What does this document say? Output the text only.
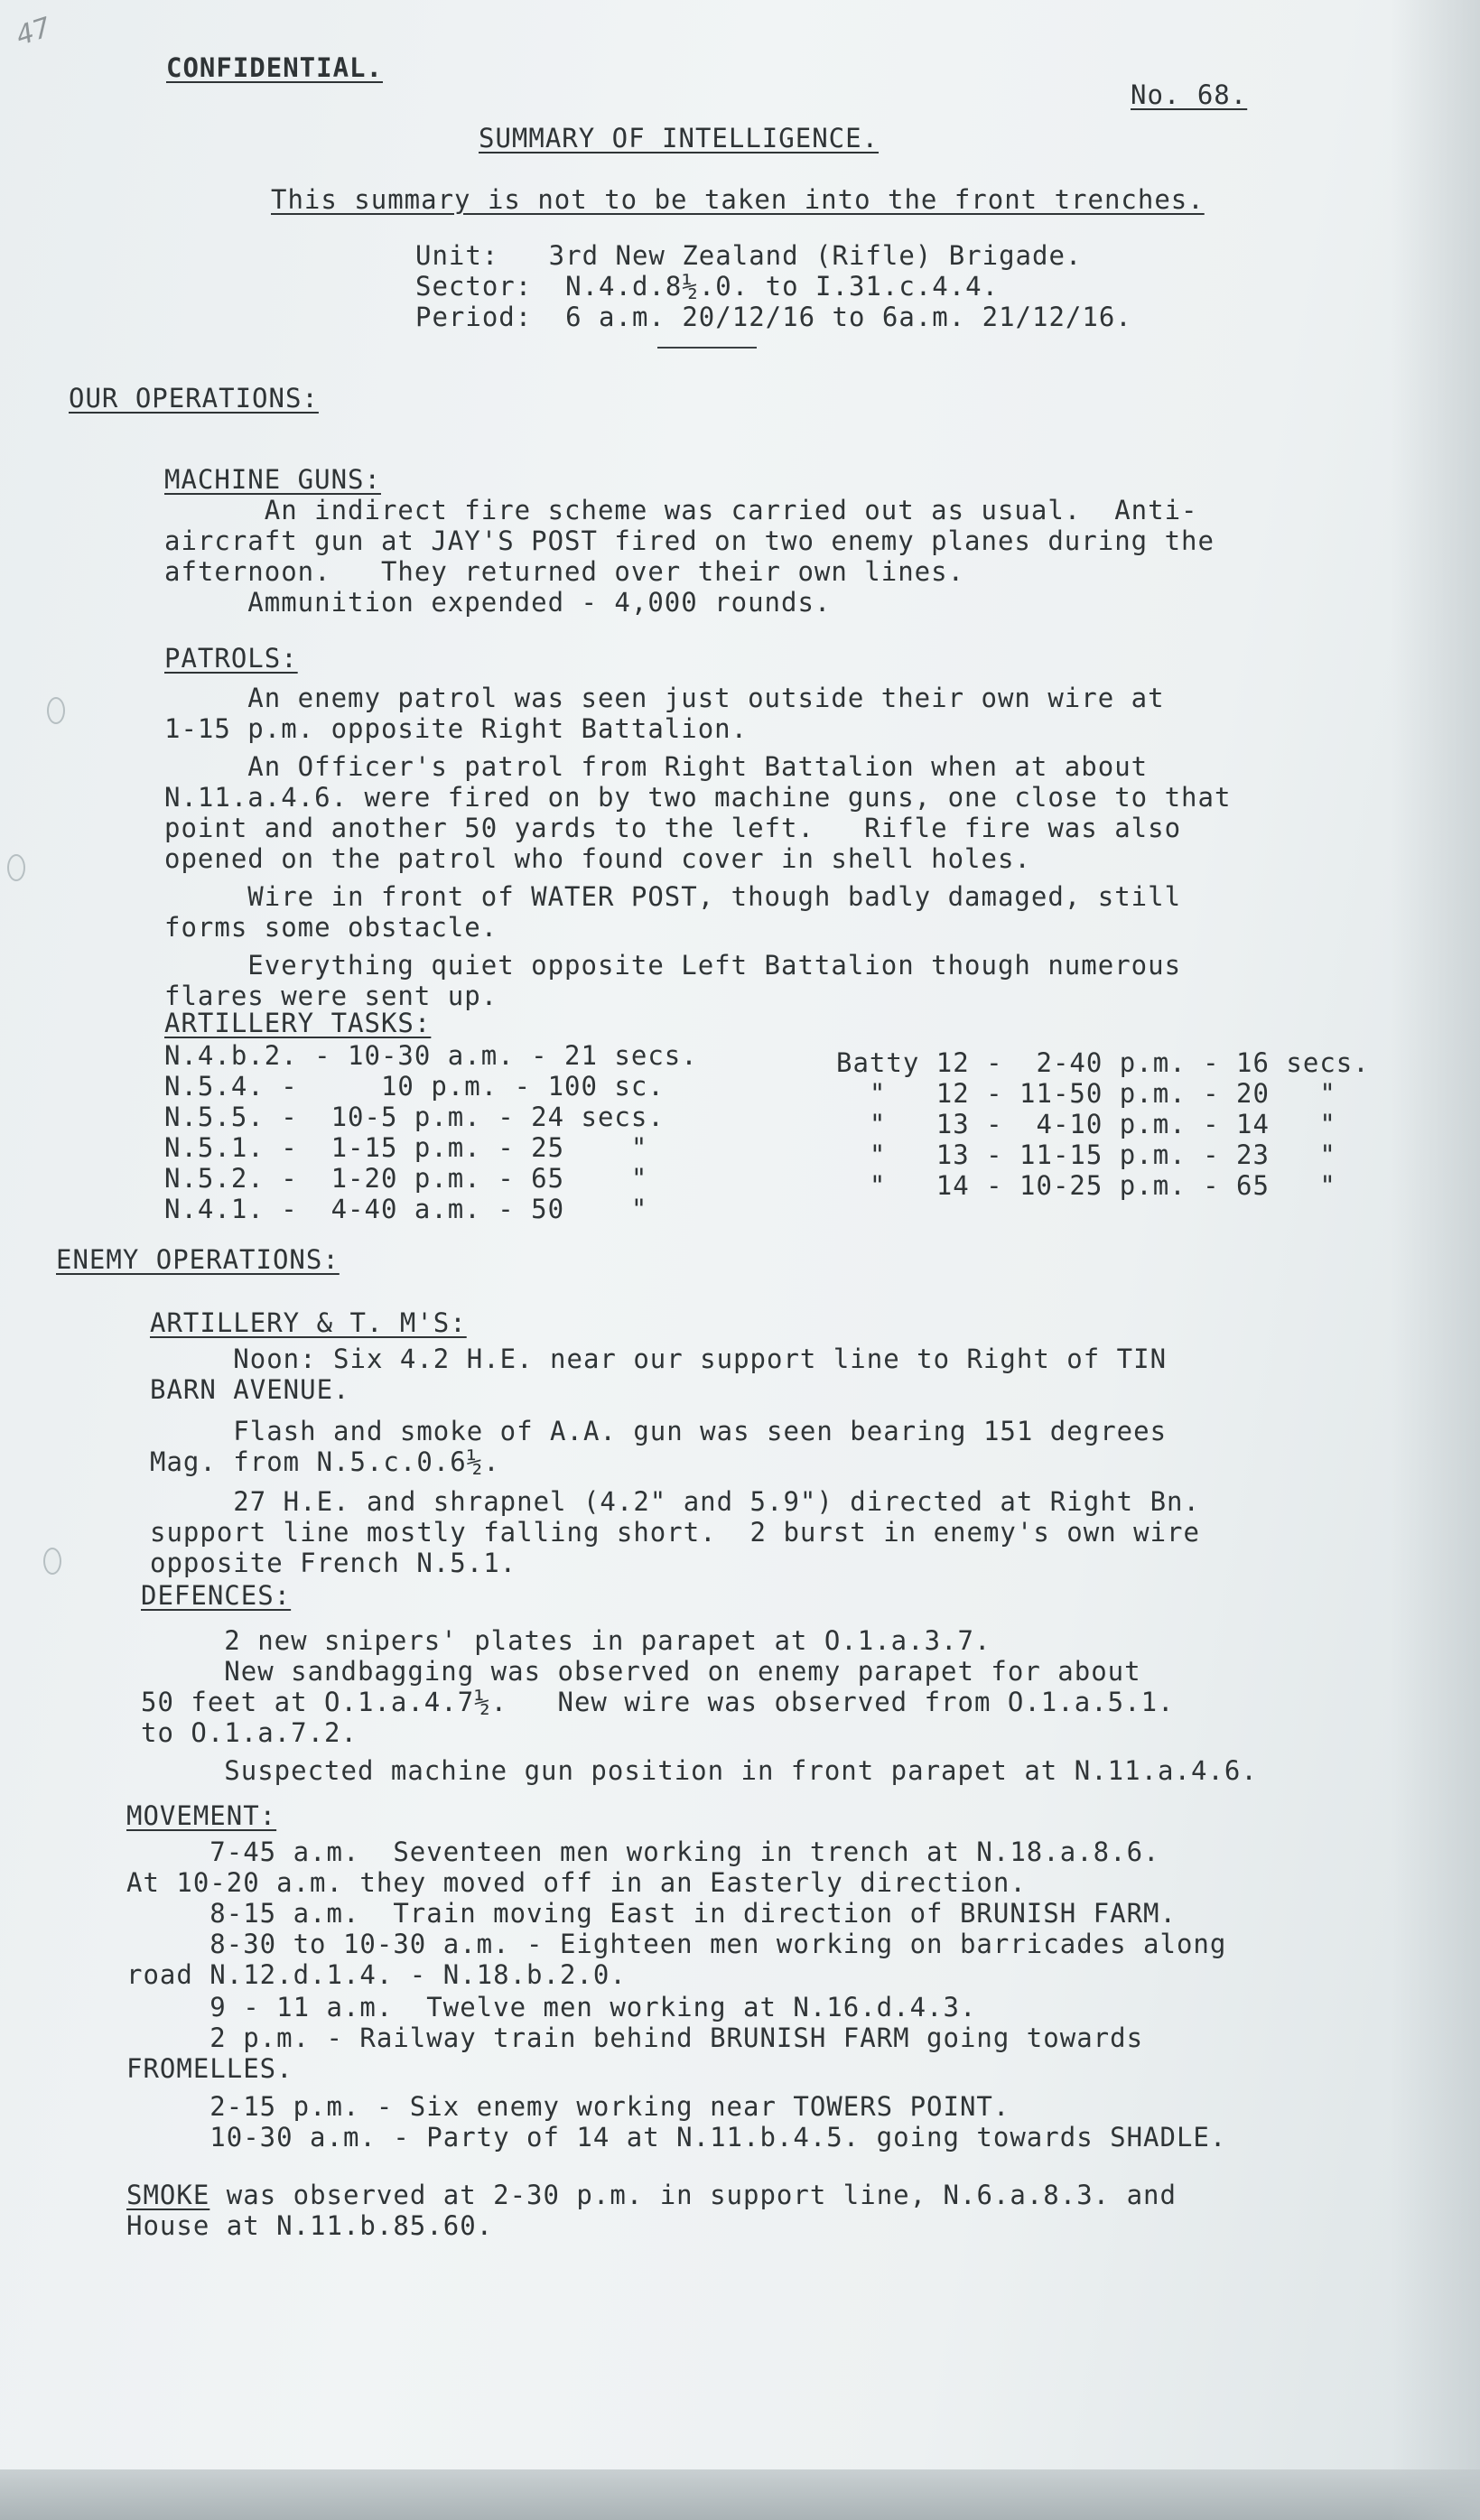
47
CONFIDENTIAL.
No. 68.
SUMMARY OF INTELLIGENCE.
This summary is not to be taken into the front trenches.
Unit:   3rd New Zealand (Rifle) Brigade.
Sector:  N.4.d.8½.0. to I.31.c.4.4.
Period:  6 a.m. 20/12/16 to 6a.m. 21/12/16.
OUR OPERATIONS:
MACHINE GUNS:
An indirect fire scheme was carried out as usual.  Anti-
aircraft gun at JAY'S POST fired on two enemy planes during the
afternoon.   They returned over their own lines.
Ammunition expended - 4,000 rounds.
PATROLS:
An enemy patrol was seen just outside their own wire at
1-15 p.m. opposite Right Battalion.
An Officer's patrol from Right Battalion when at about
N.11.a.4.6. were fired on by two machine guns, one close to that
point and another 50 yards to the left.   Rifle fire was also
opened on the patrol who found cover in shell holes.
Wire in front of WATER POST, though badly damaged, still
forms some obstacle.
Everything quiet opposite Left Battalion though numerous
flares were sent up.
ARTILLERY TASKS:
N.4.b.2. - 10-30 a.m. - 21 secs.
N.5.4. -     10 p.m. - 100 sc.
N.5.5. -  10-5 p.m. - 24 secs.
N.5.1. -  1-15 p.m. - 25    "
N.5.2. -  1-20 p.m. - 65    "
N.4.1. -  4-40 a.m. - 50    "
Batty 12 -  2-40 p.m. - 16 secs.
"   12 - 11-50 p.m. - 20   "
"   13 -  4-10 p.m. - 14   "
"   13 - 11-15 p.m. - 23   "
"   14 - 10-25 p.m. - 65   "
ENEMY OPERATIONS:
ARTILLERY & T. M'S:
Noon: Six 4.2 H.E. near our support line to Right of TIN
BARN AVENUE.
Flash and smoke of A.A. gun was seen bearing 151 degrees
Mag. from N.5.c.0.6½.
27 H.E. and shrapnel (4.2" and 5.9") directed at Right Bn.
support line mostly falling short.  2 burst in enemy's own wire
opposite French N.5.1.
DEFENCES:
2 new snipers' plates in parapet at O.1.a.3.7.
New sandbagging was observed on enemy parapet for about
50 feet at O.1.a.4.7½.   New wire was observed from O.1.a.5.1.
to O.1.a.7.2.
Suspected machine gun position in front parapet at N.11.a.4.6.
MOVEMENT:
7-45 a.m.  Seventeen men working in trench at N.18.a.8.6.
At 10-20 a.m. they moved off in an Easterly direction.
8-15 a.m.  Train moving East in direction of BRUNISH FARM.
8-30 to 10-30 a.m. - Eighteen men working on barricades along
road N.12.d.1.4. - N.18.b.2.0.
9 - 11 a.m.  Twelve men working at N.16.d.4.3.
2 p.m. - Railway train behind BRUNISH FARM going towards
FROMELLES.
2-15 p.m. - Six enemy working near TOWERS POINT.
10-30 a.m. - Party of 14 at N.11.b.4.5. going towards SHADLE.
SMOKE was observed at 2-30 p.m. in support line, N.6.a.8.3. and
House at N.11.b.85.60.
